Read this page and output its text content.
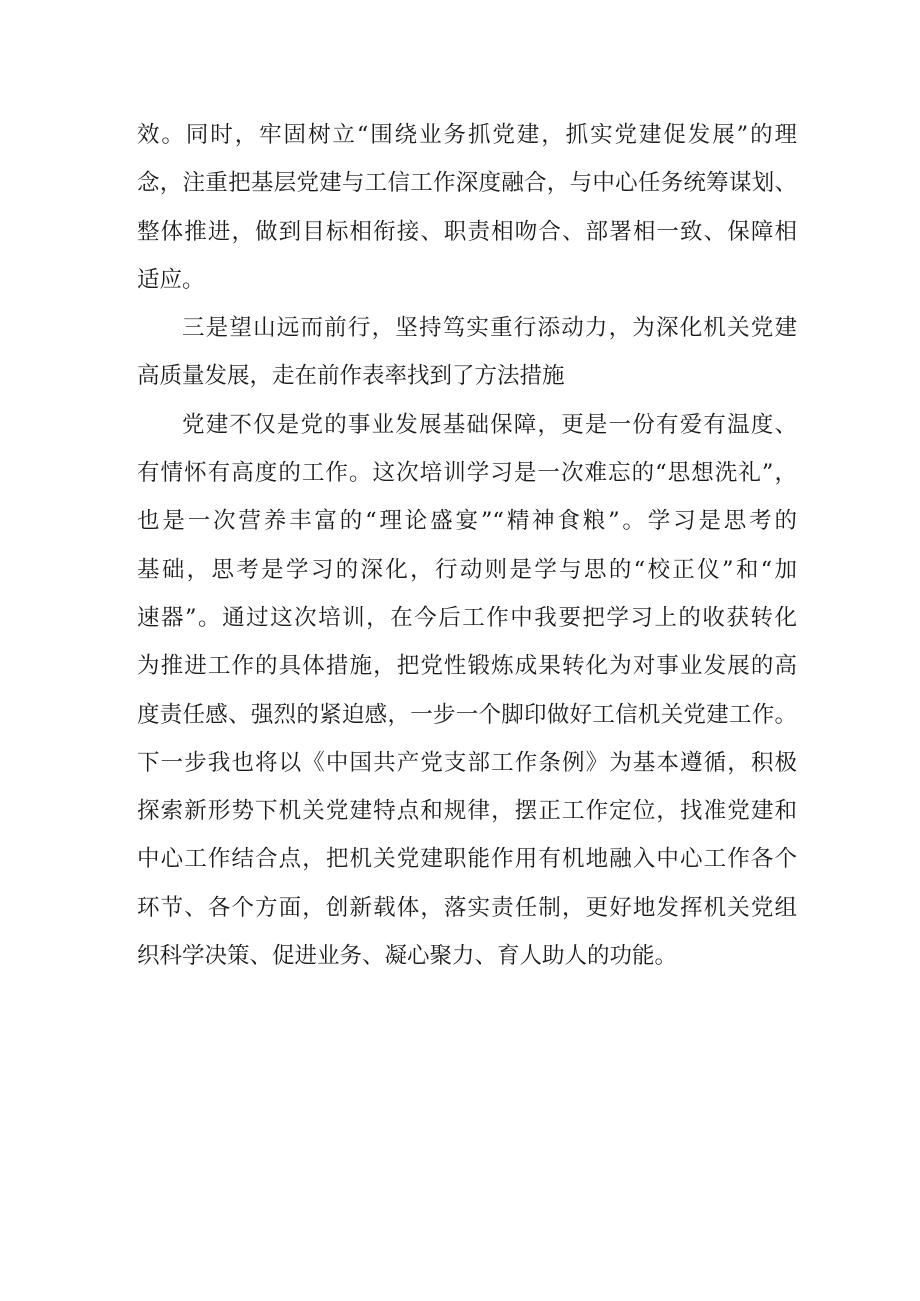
效。同时，牢固树立“围绕业务抓党建，抓实党建促发展”的理
念，注重把基层党建与工信工作深度融合，与中心任务统筹谋划、
整体推进，做到目标相衔接、职责相吻合、部署相一致、保障相
适应。
三是望山远而前行，坚持笃实重行添动力，为深化机关党建
高质量发展，走在前作表率找到了方法措施
党建不仅是党的事业发展基础保障，更是一份有爱有温度、
有情怀有高度的工作。这次培训学习是一次难忘的“思想洗礼”，
也是一次营养丰富的“理论盛宴”“精神食粮”。学习是思考的
基础，思考是学习的深化，行动则是学与思的“校正仪”和“加
速器”。通过这次培训，在今后工作中我要把学习上的收获转化
为推进工作的具体措施，把党性锻炼成果转化为对事业发展的高
度责任感、强烈的紧迫感，一步一个脚印做好工信机关党建工作。
下一步我也将以《中国共产党支部工作条例》为基本遵循，积极
探索新形势下机关党建特点和规律，摆正工作定位，找准党建和
中心工作结合点，把机关党建职能作用有机地融入中心工作各个
环节、各个方面，创新载体，落实责任制，更好地发挥机关党组
织科学决策、促进业务、凝心聚力、育人助人的功能。
